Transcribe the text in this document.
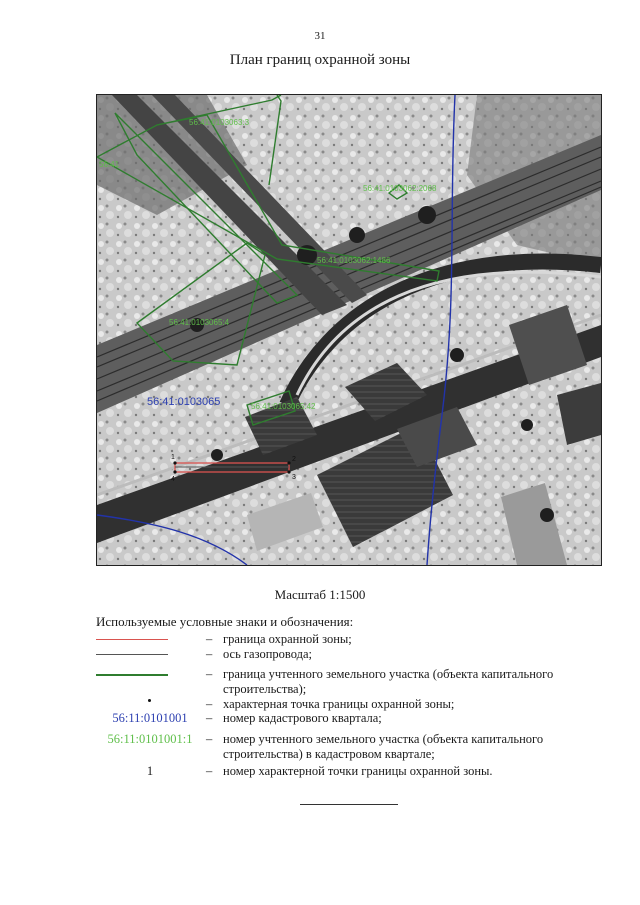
31
План границ охранной зоны
1	2
3
4
56:41:0103063:3
56:41
56:41:0103062:2068
56:41:0103062:1486
56:41:0103065:4
56:41:0103065:42
56:41:0103065
Масштаб 1:1500
Используемые условные знаки и обозначения:
– граница охранной зоны;
– ось газопровода;
– граница учтенного земельного участка (объекта капитального строительства);
– характерная точка границы охранной зоны;
56:11:0101001	– номер кадастрового квартала;
56:11:0101001:1	– номер учтенного земельного участка (объекта капитального строительства) в кадастровом квартале;
1	– номер характерной точки границы охранной зоны.
